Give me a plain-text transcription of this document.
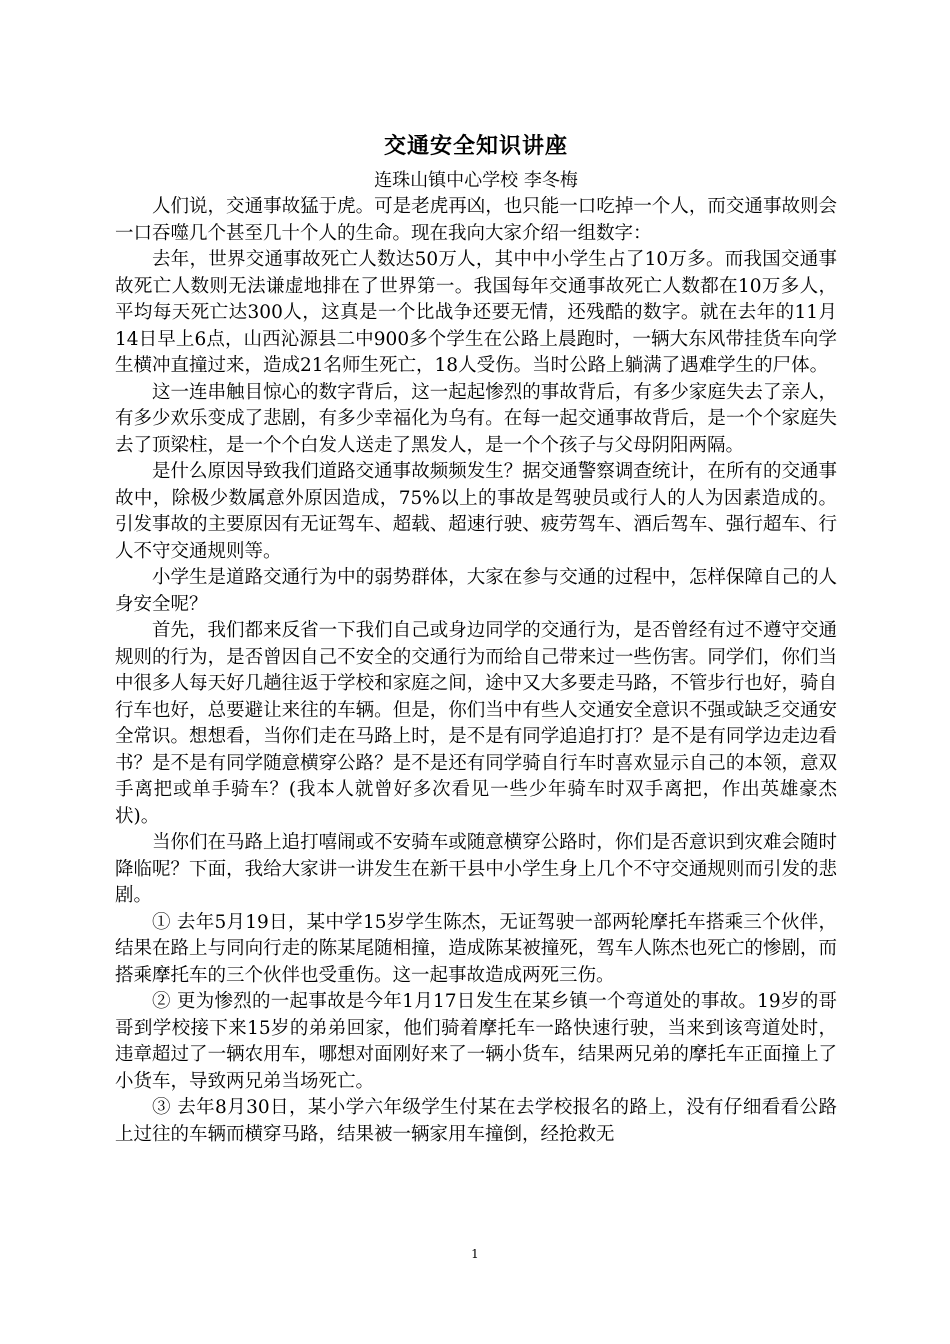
交通安全知识讲座

连珠山镇中心学校 李冬梅

人们说，交通事故猛于虎。可是老虎再凶，也只能一口吃掉一个人，而交通事故则会一口吞噬几个甚至几十个人的生命。现在我向大家介绍一组数字：

去年，世界交通事故死亡人数达50万人，其中中小学生占了10万多。而我国交通事故死亡人数则无法谦虚地排在了世界第一。我国每年交通事故死亡人数都在10万多人，平均每天死亡达300人，这真是一个比战争还要无情，还残酷的数字。就在去年的11月14日早上6点，山西沁源县二中900多个学生在公路上晨跑时，一辆大东风带挂货车向学生横冲直撞过来，造成21名师生死亡，18人受伤。当时公路上躺满了遇难学生的尸体。

这一连串触目惊心的数字背后，这一起起惨烈的事故背后，有多少家庭失去了亲人，有多少欢乐变成了悲剧，有多少幸福化为乌有。在每一起交通事故背后，是一个个家庭失去了顶梁柱，是一个个白发人送走了黑发人，是一个个孩子与父母阴阳两隔。

是什么原因导致我们道路交通事故频频发生？据交通警察调查统计，在所有的交通事故中，除极少数属意外原因造成，75%以上的事故是驾驶员或行人的人为因素造成的。引发事故的主要原因有无证驾车、超载、超速行驶、疲劳驾车、酒后驾车、强行超车、行人不守交通规则等。

小学生是道路交通行为中的弱势群体，大家在参与交通的过程中，怎样保障自己的人身安全呢？

首先，我们都来反省一下我们自己或身边同学的交通行为，是否曾经有过不遵守交通规则的行为，是否曾因自己不安全的交通行为而给自己带来过一些伤害。同学们，你们当中很多人每天好几趟往返于学校和家庭之间，途中又大多要走马路，不管步行也好，骑自行车也好，总要避让来往的车辆。但是，你们当中有些人交通安全意识不强或缺乏交通安全常识。想想看，当你们走在马路上时，是不是有同学追追打打？是不是有同学边走边看书？是不是有同学随意横穿公路？是不是还有同学骑自行车时喜欢显示自己的本领，意双手离把或单手骑车？(我本人就曾好多次看见一些少年骑车时双手离把，作出英雄豪杰状)。

当你们在马路上追打嘻闹或不安骑车或随意横穿公路时，你们是否意识到灾难会随时降临呢？下面，我给大家讲一讲发生在新干县中小学生身上几个不守交通规则而引发的悲剧。

① 去年5月19日，某中学15岁学生陈杰，无证驾驶一部两轮摩托车搭乘三个伙伴，结果在路上与同向行走的陈某尾随相撞，造成陈某被撞死，驾车人陈杰也死亡的惨剧，而搭乘摩托车的三个伙伴也受重伤。这一起事故造成两死三伤。

② 更为惨烈的一起事故是今年1月17日发生在某乡镇一个弯道处的事故。19岁的哥哥到学校接下来15岁的弟弟回家，他们骑着摩托车一路快速行驶，当来到该弯道处时，违章超过了一辆农用车，哪想对面刚好来了一辆小货车，结果两兄弟的摩托车正面撞上了小货车，导致两兄弟当场死亡。

③ 去年8月30日，某小学六年级学生付某在去学校报名的路上，没有仔细看看公路上过往的车辆而横穿马路，结果被一辆家用车撞倒，经抢救无

1
